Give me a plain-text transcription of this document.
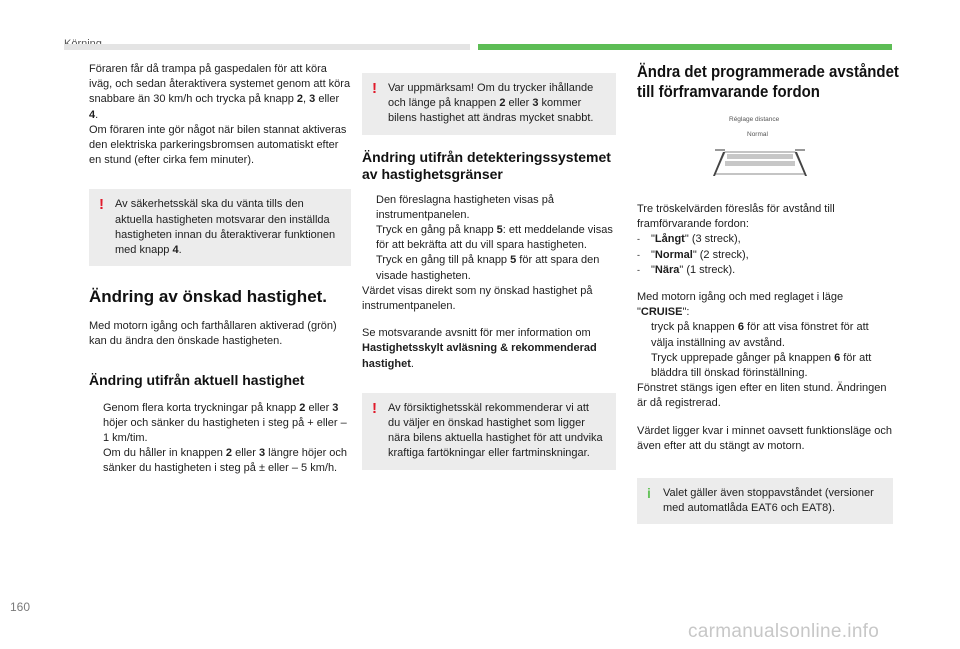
Föraren får då trampa på gaspedalen för att köra iväg, och sedan återaktivera systemet genom att köra snabbare än 30 km/h och trycka på knapp 2, 3 eller 4.

Om föraren inte gör något när bilen stannat aktiveras den elektriska parkeringsbromsen automatiskt efter en stund (efter cirka fem minuter).

! Av säkerhetsskäl ska du vänta tills den aktuella hastigheten motsvarar den inställda hastigheten innan du återaktiverar funktionen med knapp 4.

Ändring av önskad hastighet.

Med motorn igång och farthållaren aktiverad (grön) kan du ändra den önskade hastigheten.

Ändring utifrån aktuell hastighet
Genom flera korta tryckningar på knapp 2 eller 3 höjer och sänker du hastigheten i steg på + eller – 1 km/tim.
Om du håller in knappen 2 eller 3 längre höjer och sänker du hastigheten i steg på ± eller – 5 km/h.
! Var uppmärksam! Om du trycker ihållande och länge på knappen 2 eller 3 kommer bilens hastighet att ändras mycket snabbt.

Ändring utifrån detekteringssystemet av hastighetsgränser
Den föreslagna hastigheten visas på instrumentpanelen.
Tryck en gång på knapp 5: ett meddelande visas för att bekräfta att du vill spara hastigheten.
Tryck en gång till på knapp 5 för att spara den visade hastigheten.

Värdet visas direkt som ny önskad hastighet på instrumentpanelen.

Se motsvarande avsnitt för mer information om Hastighetsskylt avläsning & rekommenderad hastighet.

! Av försiktighetsskäl rekommenderar vi att du väljer en önskad hastighet som ligger nära bilens aktuella hastighet för att undvika kraftiga fartökningar eller fartminskningar.

Ändra det programmerade avståndet till förframvarande fordon
Réglage distance
Normal

Tre tröskelvärden föreslås för avstånd till framförvarande fordon:

-	"Långt" (3 streck),
-	"Normal" (2 streck),
-	"Nära" (1 streck).

Med motorn igång och med reglaget i läge "CRUISE":

tryck på knappen 6 för att visa fönstret för att välja inställning av avstånd.
Tryck upprepade gånger på knappen 6 för att bläddra till önskad förinställning.

Fönstret stängs igen efter en liten stund. Ändringen är då registrerad.

Värdet ligger kvar i minnet oavsett funktionsläge och även efter att du stängt av motorn.

i Valet gäller även stoppavståndet (versioner med automatlåda EAT6 och EAT8).

160
carmanualsonline.info
